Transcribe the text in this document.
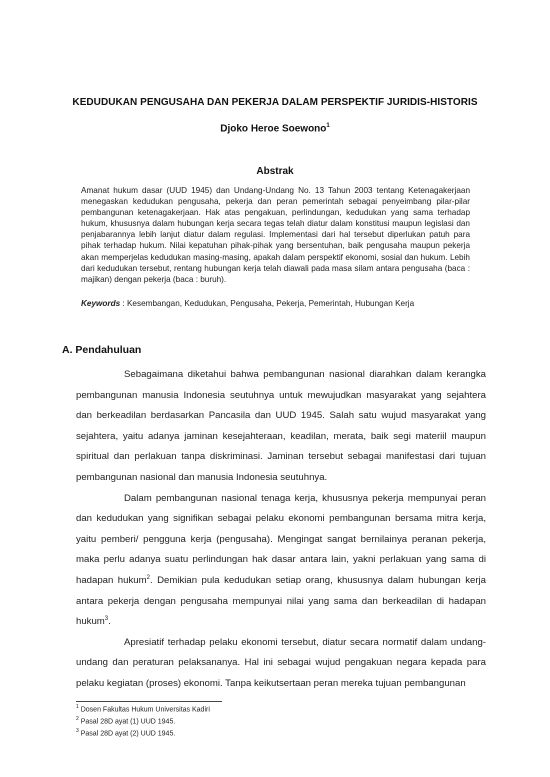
KEDUDUKAN PENGUSAHA DAN PEKERJA DALAM PERSPEKTIF JURIDIS-HISTORIS
Djoko Heroe Soewono$^1$
Abstrak
Amanat hukum dasar (UUD 1945) dan Undang-Undang No. 13 Tahun 2003 tentang Ketenagakerjaan menegaskan kedudukan pengusaha, pekerja dan peran pemerintah sebagai penyeimbang pilar-pilar pembangunan ketenagakerjaan. Hak atas pengakuan, perlindungan, kedudukan yang sama terhadap hukum, khususnya dalam hubungan kerja secara tegas telah diatur dalam konstitusi maupun legislasi dan penjabarannya lebih lanjut diatur dalam regulasi. Implementasi dari hal tersebut diperlukan patuh para pihak terhadap hukum. Nilai kepatuhan pihak-pihak yang bersentuhan, baik pengusaha maupun pekerja akan memperjelas kedudukan masing-masing, apakah dalam perspektif ekonomi, sosial dan hukum. Lebih dari kedudukan tersebut, rentang hubungan kerja telah diawali pada masa silam antara pengusaha (baca : majikan) dengan pekerja (baca : buruh).
Keywords : Kesembangan, Kedudukan, Pengusaha, Pekerja, Pemerintah, Hubungan Kerja
A. Pendahuluan

Sebagaimana diketahui bahwa pembangunan nasional diarahkan dalam kerangka pembangunan manusia Indonesia seutuhnya untuk mewujudkan masyarakat yang sejahtera dan berkeadilan berdasarkan Pancasila dan UUD 1945. Salah satu wujud masyarakat yang sejahtera, yaitu adanya jaminan kesejahteraan, keadilan, merata, baik segi materiil maupun spiritual dan perlakuan tanpa diskriminasi. Jaminan tersebut sebagai manifestasi dari tujuan pembangunan nasional dan manusia Indonesia seutuhnya.

Dalam pembangunan nasional tenaga kerja, khususnya pekerja mempunyai peran dan kedudukan yang signifikan sebagai pelaku ekonomi pembangunan bersama mitra kerja, yaitu pemberi/ pengguna kerja (pengusaha). Mengingat sangat bernilainya peranan pekerja, maka perlu adanya suatu perlindungan hak dasar antara lain, yakni perlakuan yang sama di hadapan hukum$^2$. Demikian pula kedudukan setiap orang, khususnya dalam hubungan kerja antara pekerja dengan pengusaha mempunyai nilai yang sama dan berkeadilan di hadapan hukum$^3$.

Apresiatif terhadap pelaku ekonomi tersebut, diatur secara normatif dalam undang-undang dan peraturan pelaksananya. Hal ini sebagai wujud pengakuan negara kepada para pelaku kegiatan (proses) ekonomi. Tanpa keikutsertaan peran mereka tujuan pembangunan

$^1$ Dosen Fakultas Hukum Universitas Kadiri
$^2$ Pasal 28D ayat (1) UUD 1945.
$^3$ Pasal 28D ayat (2) UUD 1945.
